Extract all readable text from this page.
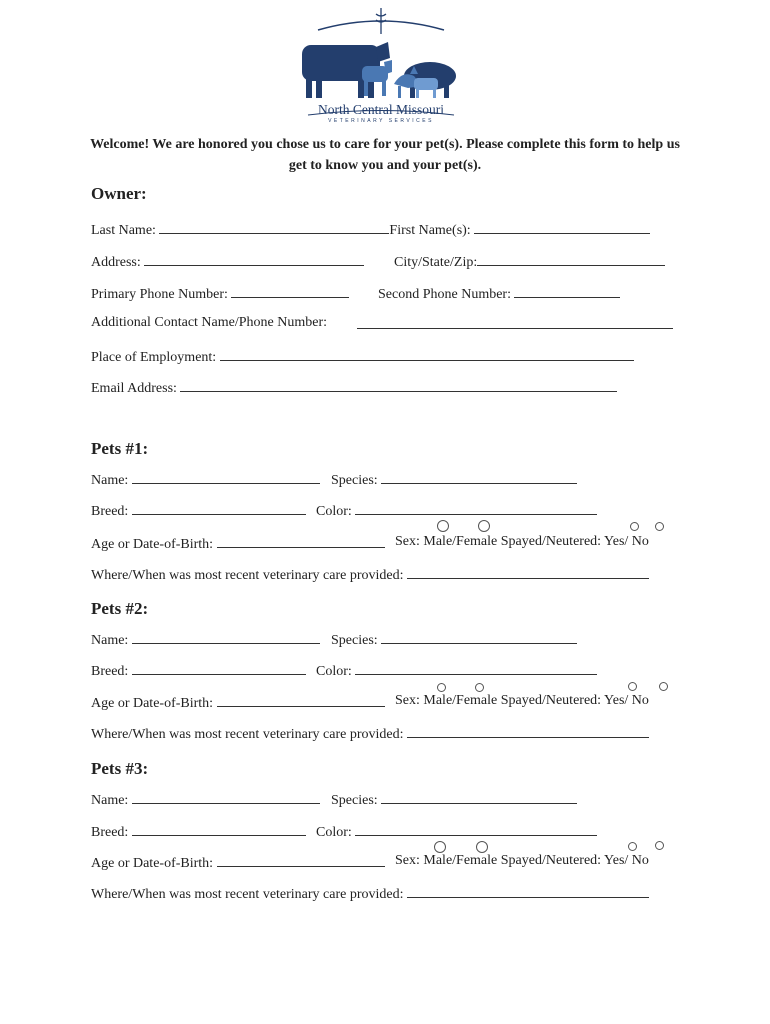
North Central Missouri
VETERINARY SERVICES
Welcome! We are honored you chose us to care for your pet(s). Please complete this form to help us get to know you and your pet(s).
Owner:
Last Name:	First Name(s):
Address:	City/State/Zip:
Primary Phone Number:	Second Phone Number:
Additional Contact Name/Phone Number:
Place of Employment:
Email Address:
Pets #1:
Name:	Species:
Breed:	Color:
Age or Date-of-Birth:	Sex: Male/Female Spayed/Neutered: Yes/ No
Where/When was most recent veterinary care provided:
Pets #2:
Name:	Species:
Breed:	Color:
Age or Date-of-Birth:	Sex: Male/Female Spayed/Neutered: Yes/ No
Where/When was most recent veterinary care provided:
Pets #3:
Name:	Species:
Breed:	Color:
Age or Date-of-Birth:	Sex: Male/Female Spayed/Neutered: Yes/ No
Where/When was most recent veterinary care provided:
